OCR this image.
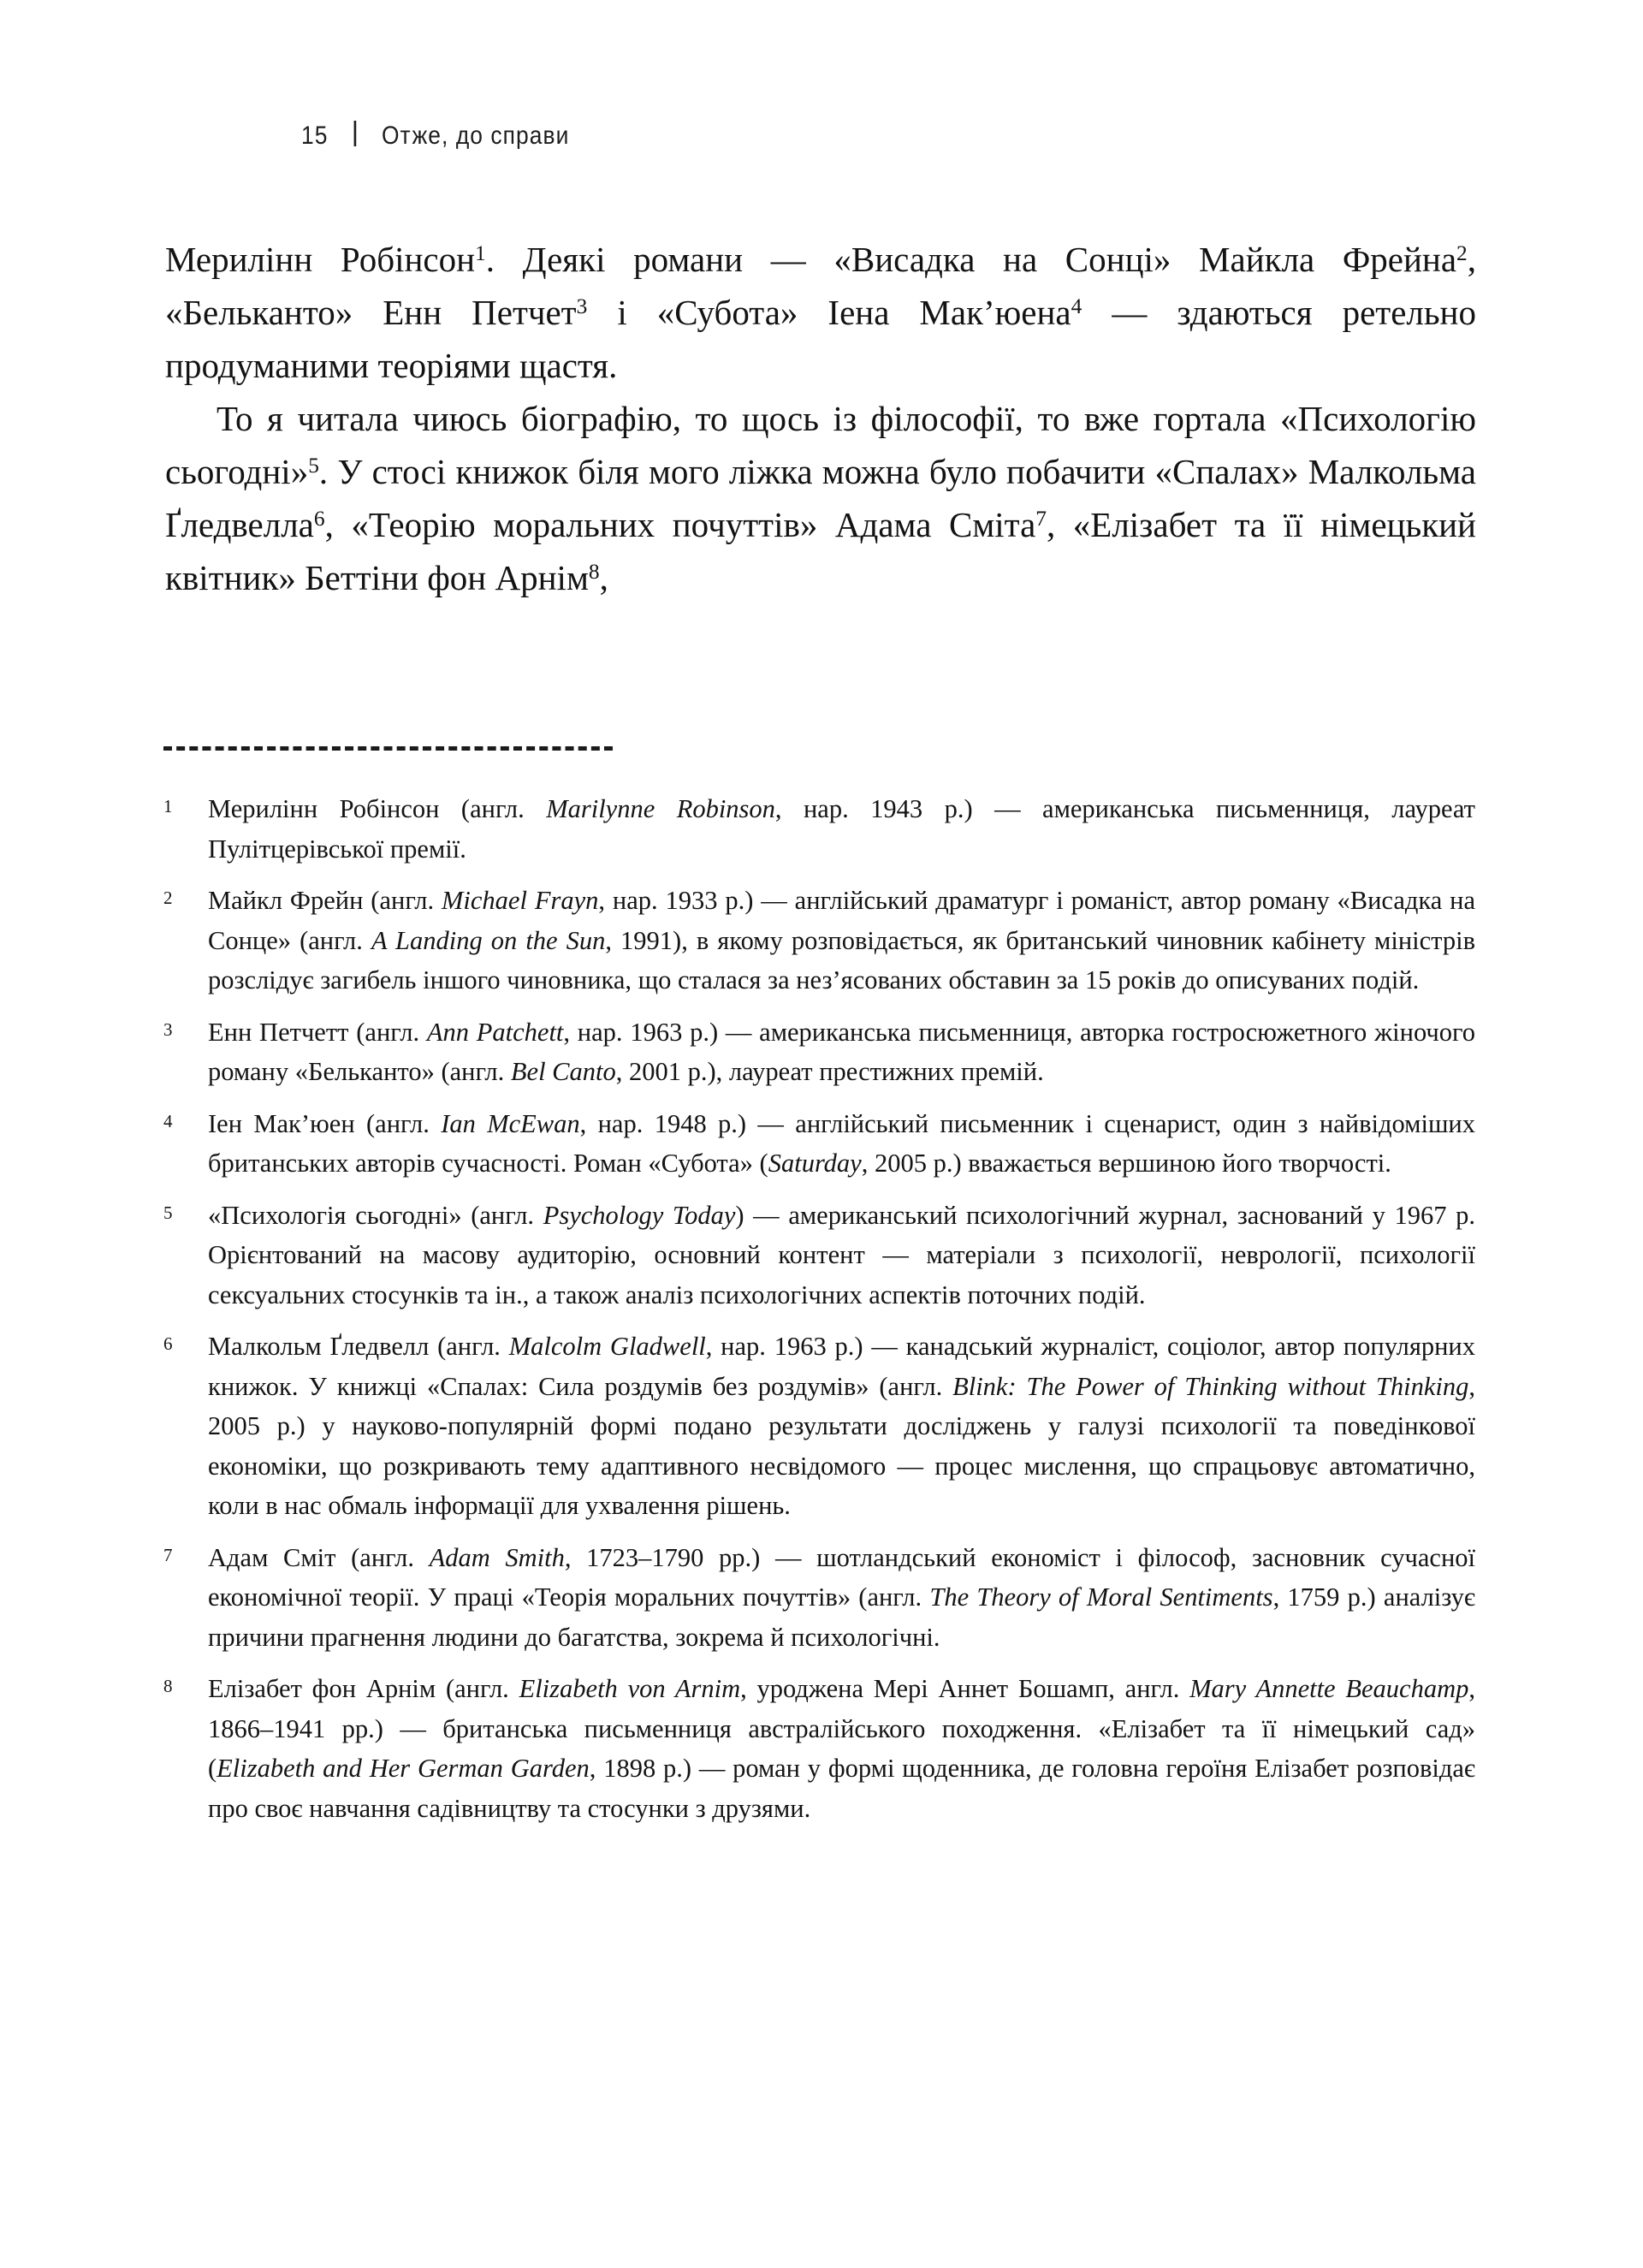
15 Отже, до справи

Мерилінн Робінсон$^1$. Деякі романи — «Висадка на Сонці» Майкла Фрейна$^2$, «Бельканто» Енн Петчет$^3$ і «Субота» Іена Мак’юена$^4$ — здаються ретельно продуманими теоріями щастя.

То я читала чиюсь біографію, то щось із філософії, то вже гортала «Психологію сьогодні»$^5$. У стосі книжок біля мого ліжка можна було побачити «Спалах» Малкольма Ґледвелла$^6$, «Теорію моральних почуттів» Адама Сміта$^7$, «Елізабет та її німецький квітник» Беттіни фон Арнім$^8$,

1	Мерилінн Робінсон (англ. Marilynne Robinson, нар. 1943 р.) — американська письменниця, лауреат Пулітцерівської премії.
2	Майкл Фрейн (англ. Michael Frayn, нар. 1933 р.) — англійський драматург і романіст, автор роману «Висадка на Сонце» (англ. A Landing on the Sun, 1991), в якому розповідається, як британський чиновник кабінету міністрів розслідує загибель іншого чиновника, що сталася за нез’ясованих обставин за 15 років до описуваних подій.
3	Енн Петчетт (англ. Ann Patchett, нар. 1963 р.) — американська письменниця, авторка гостросюжетного жіночого роману «Бельканто» (англ. Bel Canto, 2001 р.), лауреат престижних премій.
4	Іен Мак’юен (англ. Ian McEwan, нар. 1948 р.) — англійський письменник і сценарист, один з найвідоміших британських авторів сучасності. Роман «Субота» (Saturday, 2005 р.) вважається вершиною його творчості.
5	«Психологія сьогодні» (англ. Psychology Today) — американський психологічний журнал, заснований у 1967 р. Орієнтований на масову аудиторію, основний контент — матеріали з психології, неврології, психології сексуальних стосунків та ін., а також аналіз психологічних аспектів поточних подій.
6	Малкольм Ґледвелл (англ. Malcolm Gladwell, нар. 1963 р.) — канадський журналіст, соціолог, автор популярних книжок. У книжці «Спалах: Сила роздумів без роздумів» (англ. Blink: The Power of Thinking without Thinking, 2005 р.) у науково-популярній формі подано результати досліджень у галузі психології та поведінкової економіки, що розкривають тему адаптивного несвідомого — процес мислення, що спрацьовує автоматично, коли в нас обмаль інформації для ухвалення рішень.
7	Адам Сміт (англ. Adam Smith, 1723–1790 рр.) — шотландський економіст і філософ, засновник сучасної економічної теорії. У праці «Теорія моральних почуттів» (англ. The Theory of Moral Sentiments, 1759 р.) аналізує причини прагнення людини до багатства, зокрема й психологічні.
8	Елізабет фон Арнім (англ. Elizabeth von Arnim, уроджена Мері Аннет Бошамп, англ. Mary Annette Beauchamp, 1866–1941 рр.) — британська письменниця австралійського походження. «Елізабет та її німецький сад» (Elizabeth and Her German Garden, 1898 р.) — роман у формі щоденника, де головна героїня Елізабет розповідає про своє навчання садівництву та стосунки з друзями.
